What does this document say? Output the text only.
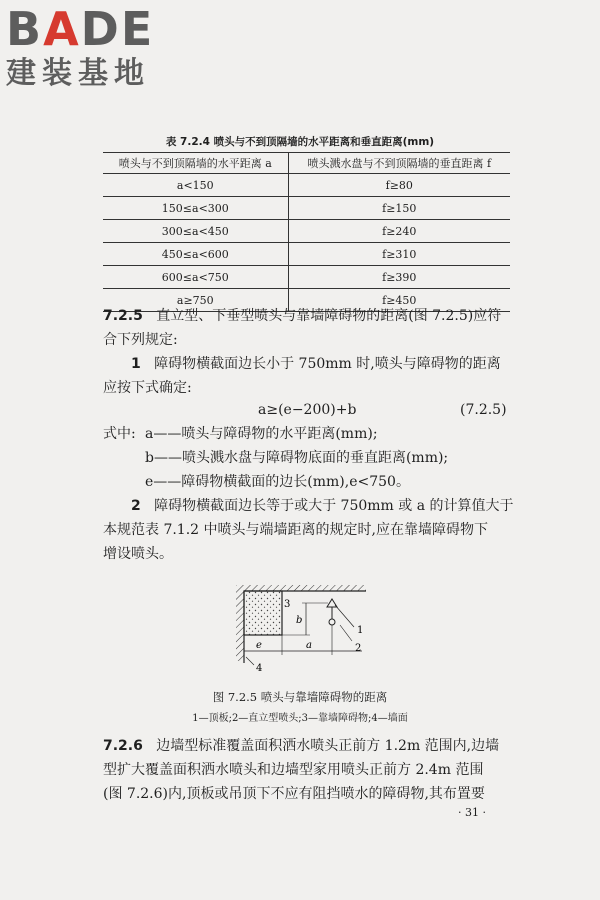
BADE
建装基地
表 7.2.4 喷头与不到顶隔墙的水平距离和垂直距离(mm)
喷头与不到顶隔墙的水平距离 a	喷头溅水盘与不到顶隔墙的垂直距离 f
a<150	f≥80
150≤a<300	f≥150
300≤a<450	f≥240
450≤a<600	f≥310
600≤a<750	f≥390
a≥750	f≥450

7.2.5 直立型、下垂型喷头与靠墙障碍物的距离(图 7.2.5)应符

合下列规定:

1 障碍物横截面边长小于 750mm 时,喷头与障碍物的距离

应按下式确定:

a≥(e−200)+b	(7.2.5)
式中: a——喷头与障碍物的水平距离(mm);
b——喷头溅水盘与障碍物底面的垂直距离(mm);
e——障碍物横截面的边长(mm),e<750。

2 障碍物横截面边长等于或大于 750mm 或 a 的计算值大于

本规范表 7.1.2 中喷头与端墙距离的规定时,应在靠墙障碍物下

增设喷头。

3
b
1
2
e	a
4
图 7.2.5 喷头与靠墙障碍物的距离
1—顶板;2—直立型喷头;3—靠墙障碍物;4—墙面

7.2.6 边墙型标准覆盖面积洒水喷头正前方 1.2m 范围内,边墙

型扩大覆盖面积洒水喷头和边墙型家用喷头正前方 2.4m 范围

(图 7.2.6)内,顶板或吊顶下不应有阻挡喷水的障碍物,其布置要

· 31 ·
